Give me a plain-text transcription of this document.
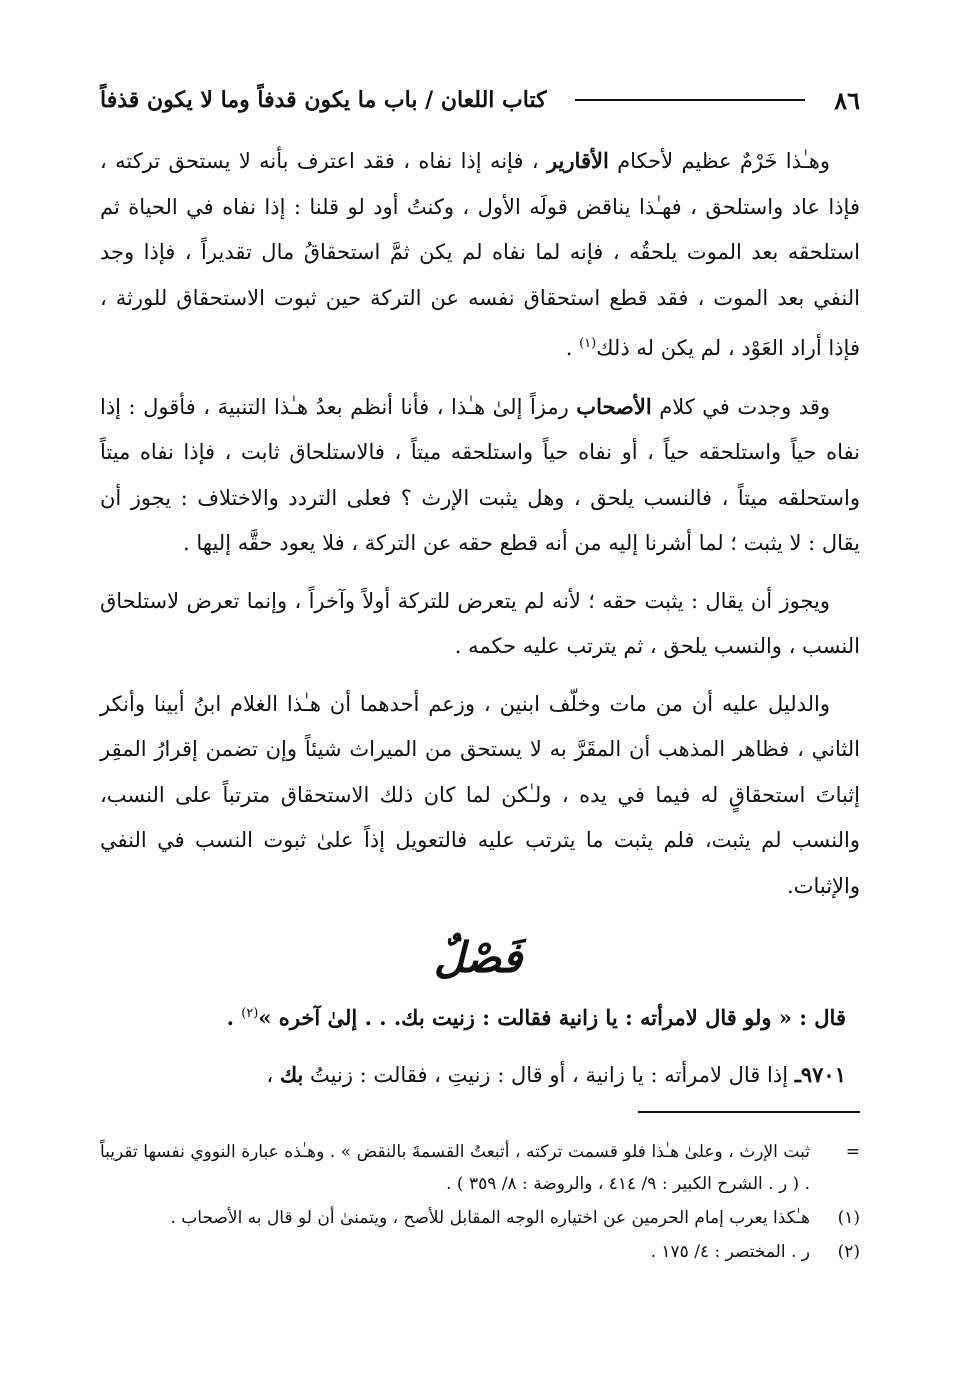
٨٦
كتاب اللعان / باب ما يكون قدفاً وما لا يكون قذفاً

وهـٰذا خَرْمٌ عظيم لأحكام الأقارير ، فإنه إذا نفاه ، فقد اعترف بأنه لا يستحق تركته ، فإذا عاد واستلحق ، فهـٰذا يناقض قولَه الأول ، وكنتُ أود لو قلنا : إذا نفاه في الحياة ثم استلحقه بعد الموت يلحقُه ، فإنه لما نفاه لم يكن ثمَّ استحقاقُ مال تقديراً ، فإذا وجد النفي بعد الموت ، فقد قطع استحقاق نفسه عن التركة حين ثبوت الاستحقاق للورثة ، فإذا أراد العَوْد ، لم يكن له ذلك$^{(١)}$ .

وقد وجدت في كلام الأصحاب رمزاً إلىٰ هـٰذا ، فأنا أنظم بعدُ هـٰذا التنبيهَ ، فأقول : إذا نفاه حياً واستلحقه حياً ، أو نفاه حياً واستلحقه ميتاً ، فالاستلحاق ثابت ، فإذا نفاه ميتاً واستحلقه ميتاً ، فالنسب يلحق ، وهل يثبت الإرث ؟ فعلى التردد والاختلاف : يجوز أن يقال : لا يثبت ؛ لما أشرنا إليه من أنه قطع حقه عن التركة ، فلا يعود حقَّه إليها .

ويجوز أن يقال : يثبت حقه ؛ لأنه لم يتعرض للتركة أولاً وآخراً ، وإنما تعرض لاستلحاق النسب ، والنسب يلحق ، ثم يترتب عليه حكمه .

والدليل عليه أن من مات وخلّف ابنين ، وزعم أحدهما أن هـٰذا الغلام ابنُ أبينا وأنكر الثاني ، فظاهر المذهب أن المقَرَّ به لا يستحق من الميراث شيئاً وإن تضمن إقرارُ المقِر إثباتَ استحقاقٍ له فيما في يده ، ولـٰكن لما كان ذلك الاستحقاق مترتباً على النسب، والنسب لم يثبت، فلم يثبت ما يترتب عليه فالتعويل إذاً علىٰ ثبوت النسب في النفي والإثبات.

فَصْلٌ
قال : « ولو قال لامرأته : يا زانية فقالت : زنيت بك. . . إلىٰ آخره »$^{(٢)}$ .
٩٧٠١ـ إذا قال لامرأته : يا زانية ، أو قال : زنيتِ ، فقالت : زنيتُ بك ،
=
ثبت الإرث ، وعلىٰ هـٰذا فلو قسمت تركته ، أتبعتُ القسمةَ بالنقض » . وهـٰذه عبارة النووي نفسها تقريباً . ( ر . الشرح الكبير : ٩/ ٤١٤ ، والروضة : ٨/ ٣٥٩ ) .
(١)
هـٰكذا يعرب إمام الحرمين عن اختياره الوجه المقابل للأصح ، ويتمنىٰ أن لو قال به الأصحاب .
(٢)
ر . المختصر : ٤/ ١٧٥ .
